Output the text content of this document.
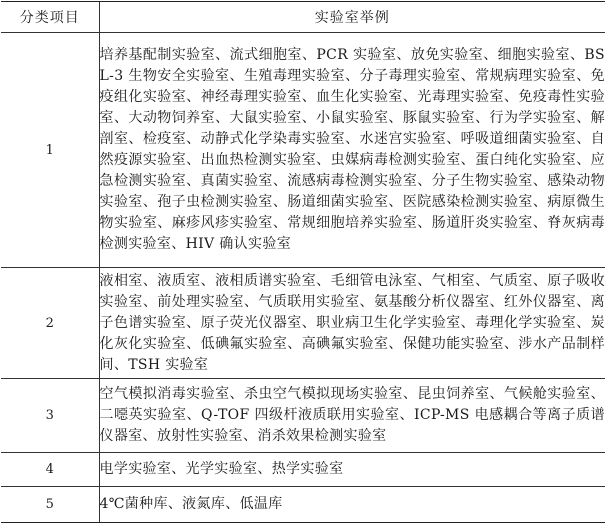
分类项目	实验室举例
1	培养基配制实验室、流式细胞室、PCR 实验室、放免实验室、细胞实验室、BSL-3 生物安全实验室、生殖毒理实验室、分子毒理实验室、常规病理实验室、免疫组化实验室、神经毒理实验室、血生化实验室、光毒理实验室、免疫毒性实验室、大动物饲养室、大鼠实验室、小鼠实验室、豚鼠实验室、行为学实验室、解剖室、检疫室、动静式化学染毒实验室、水迷宫实验室、呼吸道细菌实验室、自然疫源实验室、出血热检测实验室、虫媒病毒检测实验室、蛋白纯化实验室、应急检测实验室、真菌实验室、流感病毒检测实验室、分子生物实验室、感染动物实验室、孢子虫检测实验室、肠道细菌实验室、医院感染检测实验室、病原微生物实验室、麻疹风疹实验室、常规细胞培养实验室、肠道肝炎实验室、脊灰病毒检测实验室、HIV 确认实验室
2	液相室、液质室、液相质谱实验室、毛细管电泳室、气相室、气质室、原子吸收实验室、前处理实验室、气质联用实验室、氨基酸分析仪器室、红外仪器室、离子色谱实验室、原子荧光仪器室、职业病卫生化学实验室、毒理化学实验室、炭化灰化实验室、低碘氟实验室、高碘氟实验室、保健功能实验室、涉水产品制样间、TSH 实验室
3	空气模拟消毒实验室、杀虫空气模拟现场实验室、昆虫饲养室、气候舱实验室、二噁英实验室、Q-TOF 四级杆液质联用实验室、ICP-MS 电感耦合等离子质谱仪器室、放射性实验室、消杀效果检测实验室
4	电学实验室、光学实验室、热学实验室
5	4℃菌种库、液氮库、低温库
